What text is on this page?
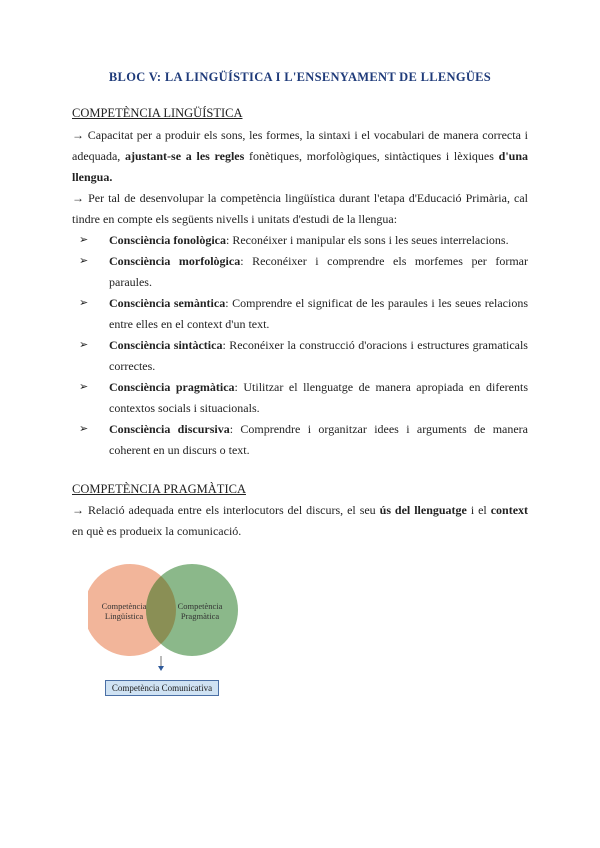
BLOC V: LA LINGÜÍSTICA I L'ENSENYAMENT DE LLENGÜES
COMPETÈNCIA LINGÜÍSTICA
→ Capacitat per a produir els sons, les formes, la sintaxi i el vocabulari de manera correcta i adequada, ajustant-se a les regles fonètiques, morfològiques, sintàctiques i lèxiques d'una llengua.
→ Per tal de desenvolupar la competència lingüística durant l'etapa d'Educació Primària, cal tindre en compte els següents nivells i unitats d'estudi de la llengua:
➢ Consciència fonològica: Reconéixer i manipular els sons i les seues interrelacions.
➢ Consciència morfològica: Reconéixer i comprendre els morfemes per formar paraules.
➢ Consciència semàntica: Comprendre el significat de les paraules i les seues relacions entre elles en el context d'un text.
➢ Consciència sintàctica: Reconéixer la construcció d'oracions i estructures gramaticals correctes.
➢ Consciència pragmàtica: Utilitzar el llenguatge de manera apropiada en diferents contextos socials i situacionals.
➢ Consciència discursiva: Comprendre i organitzar idees i arguments de manera coherent en un discurs o text.
COMPETÈNCIA PRAGMÀTICA
→ Relació adequada entre els interlocutors del discurs, el seu ús del llenguatge i el context en què es produeix la comunicació.
Competència
Lingüística
Competència
Pragmàtica
Competència Comunicativa
